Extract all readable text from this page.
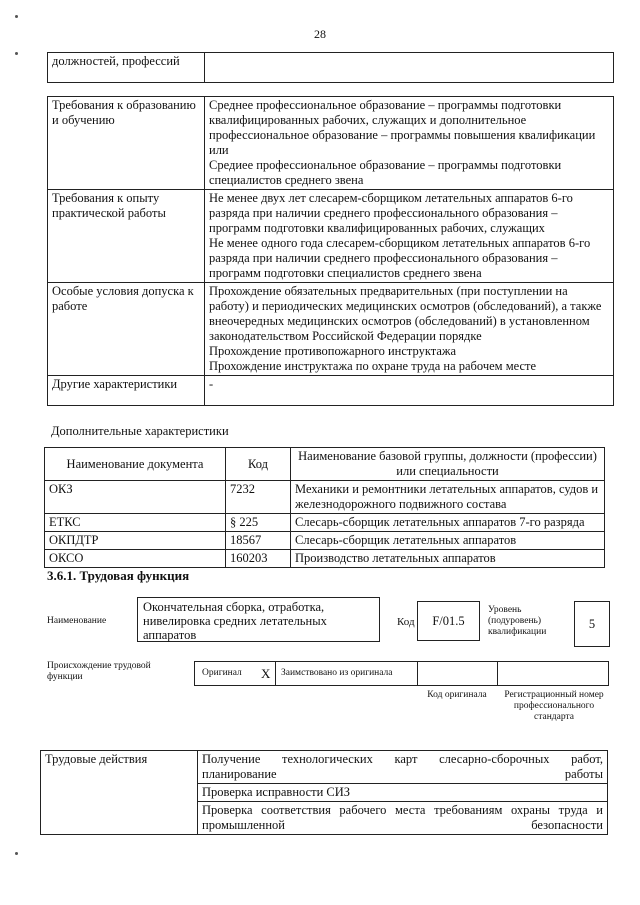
28
должностей, профессий	
Требования к образованию и обучению	Среднее профессиональное образование – программы подготовки квалифицированных рабочих, служащих и дополнительное профессиональное образование – программы повышения квалификации
или
Средиее профессиональное образование – программы подготовки специалистов среднего звена

Требования к опыту практической работы	Не менее двух лет слесарем-сборщиком летательных аппаратов 6-го разряда при наличии среднего профессионального образования – программ подготовки квалифицированных рабочих, служащих
Не менее одного года слесарем-сборщиком летательных аппаратов 6-го разряда при наличии среднего профессионального образования – программ подготовки специалистов среднего звена

Особые условия допуска к работе	Прохождение обязательных предварительных (при поступлении на работу) и периодических медицинских осмотров (обследований), а также внеочередных медицинских осмотров (обследований) в установленном законодательством Российской Федерации порядке
Прохождение противопожарного инструктажа
Прохождение инструктажа по охране труда на рабочем месте

Другие характеристики	-
Дополнительные характеристики
Наименование документа	Код	Наименование базовой группы, должности (профессии) или специальности
ОКЗ	7232	Механики и ремонтники летательных аппаратов, судов и железнодорожного подвижного состава
ЕТКС	§ 225	Слесарь-сборщик летательных аппаратов 7-го разряда
ОКПДТР	18567	Слесарь-сборщик летательных аппаратов
ОКСО	160203	Производство летательных аппаратов
3.6.1. Трудовая функция
Наименование
Окончательная сборка, отработка, нивелировка средних летательных аппаратов
Код	F/01.5
Уровень (подуровень) квалификации
5
Происхождение трудовой функции	Оригинал X Заимствовано из оригинала
Код оригинала	Регистрационный номер профессионального стандарта
Трудовые действия	Получение технологических карт слесарно-сборочных работ, планирование работы
Проверка исправности СИЗ
Проверка соответствия рабочего места требованиям охраны труда и промышленной безопасности
